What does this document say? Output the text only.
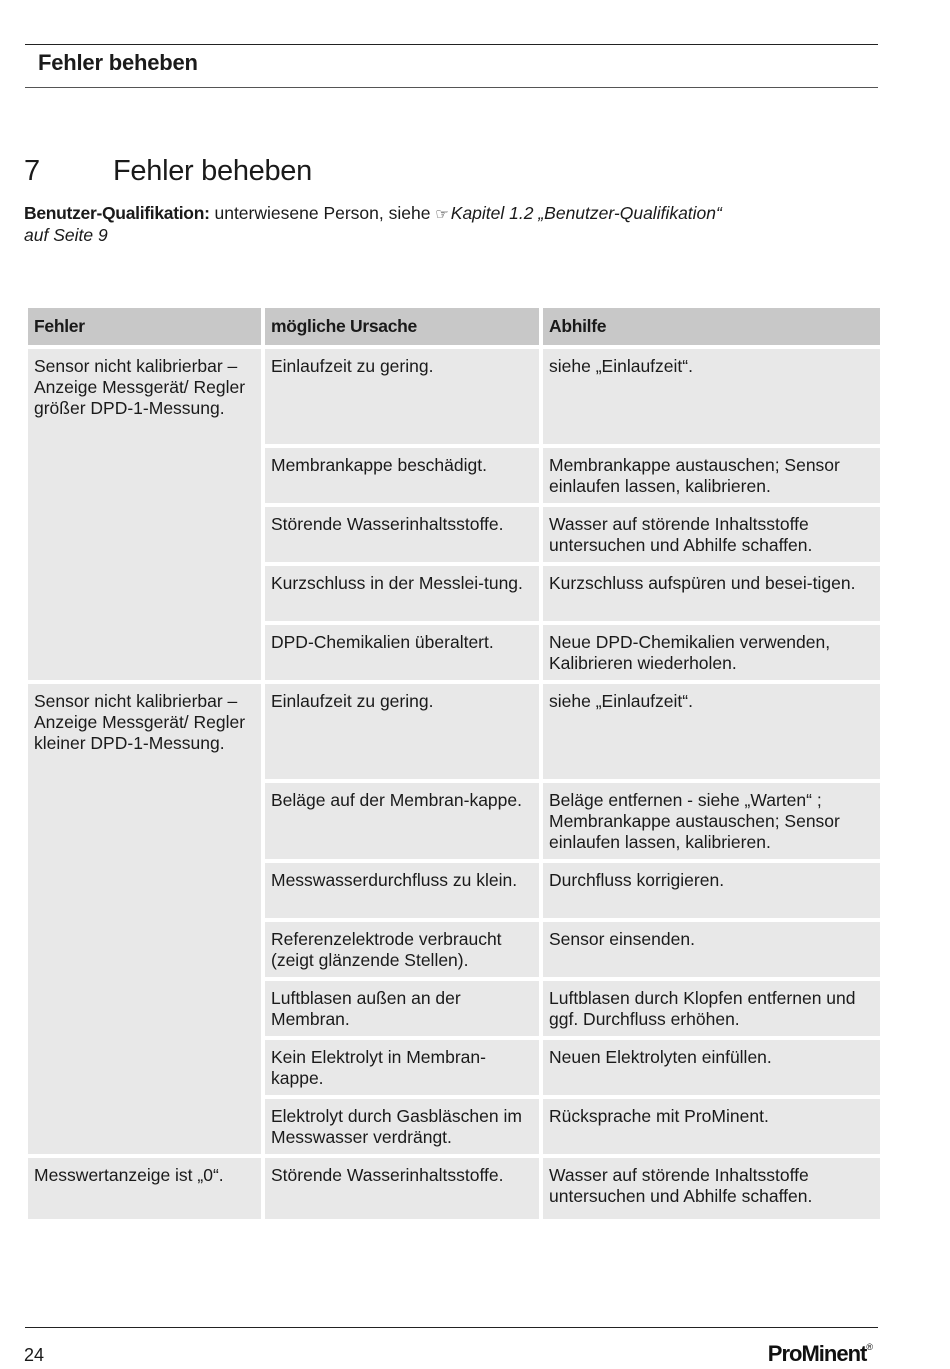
Fehler beheben
7	Fehler beheben
Benutzer-Qualifikation: unterwiesene Person, siehe ☞ Kapitel 1.2 „Benutzer-Qualifikation“
auf Seite 9
Fehler	mögliche Ursache	Abhilfe
Sensor nicht kalibrierbar – Anzeige Messgerät/ Regler größer DPD-1-Messung.	Einlaufzeit zu gering.	siehe „Einlaufzeit“.
	Membrankappe beschädigt.	Membrankappe austauschen; Sensor einlaufen lassen, kalibrieren.
	Störende Wasserinhaltsstoffe.	Wasser auf störende Inhaltsstoffe untersuchen und Abhilfe schaffen.
	Kurzschluss in der Messlei-tung.	Kurzschluss aufspüren und besei-tigen.
	DPD-Chemikalien überaltert.	Neue DPD-Chemikalien verwenden, Kalibrieren wiederholen.
Sensor nicht kalibrierbar – Anzeige Messgerät/ Regler kleiner DPD-1-Messung.	Einlaufzeit zu gering.	siehe „Einlaufzeit“.
	Beläge auf der Membran-kappe.	Beläge entfernen - siehe „Warten“ ; Membrankappe austauschen; Sensor einlaufen lassen, kalibrieren.
	Messwasserdurchfluss zu klein.	Durchfluss korrigieren.
	Referenzelektrode verbraucht (zeigt glänzende Stellen).	Sensor einsenden.
	Luftblasen außen an der Membran.	Luftblasen durch Klopfen entfernen und ggf. Durchfluss erhöhen.
	Kein Elektrolyt in Membran-kappe.	Neuen Elektrolyten einfüllen.
	Elektrolyt durch Gasbläschen im Messwasser verdrängt.	Rücksprache mit ProMinent.
Messwertanzeige ist „0“.	Störende Wasserinhaltsstoffe.	Wasser auf störende Inhaltsstoffe untersuchen und Abhilfe schaffen.
24	ProMinent®
